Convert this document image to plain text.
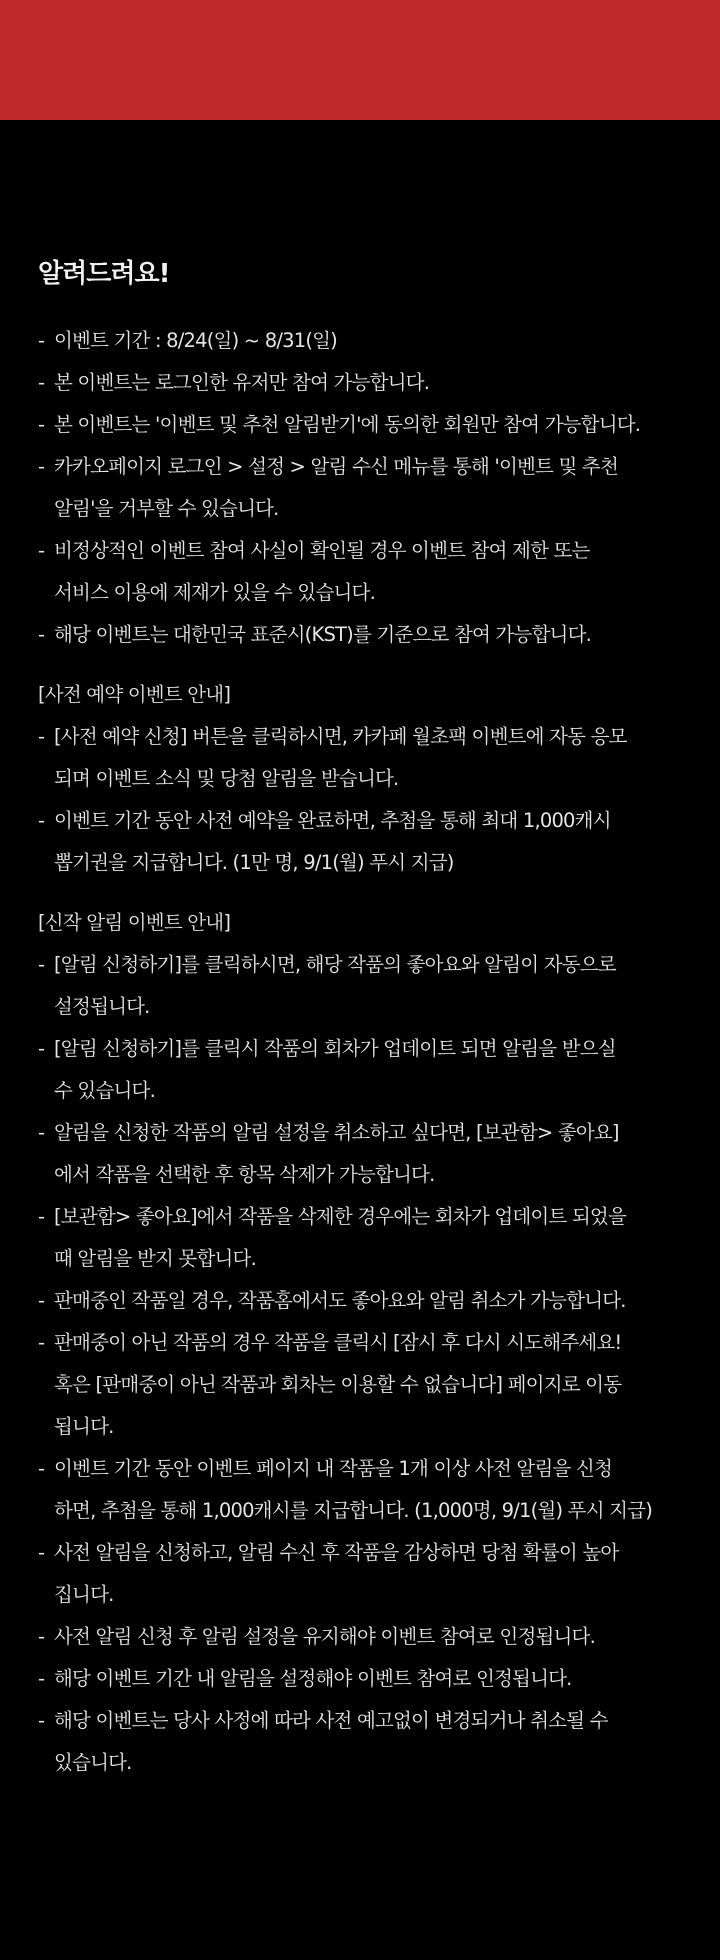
알려드려요!
- 이벤트 기간 : 8/24(일) ~ 8/31(일)
- 본 이벤트는 로그인한 유저만 참여 가능합니다.
- 본 이벤트는 '이벤트 및 추천 알림받기'에 동의한 회원만 참여 가능합니다.
- 카카오페이지 로그인 > 설정 > 알림 수신 메뉴를 통해 '이벤트 및 추천
알림'을 거부할 수 있습니다.
- 비정상적인 이벤트 참여 사실이 확인될 경우 이벤트 참여 제한 또는
서비스 이용에 제재가 있을 수 있습니다.
- 해당 이벤트는 대한민국 표준시(KST)를 기준으로 참여 가능합니다.
[사전 예약 이벤트 안내]
- [사전 예약 신청] 버튼을 클릭하시면, 카카페 월초팩 이벤트에 자동 응모
되며 이벤트 소식 및 당첨 알림을 받습니다.
- 이벤트 기간 동안 사전 예약을 완료하면, 추첨을 통해 최대 1,000캐시
뽑기권을 지급합니다. (1만 명, 9/1(월) 푸시 지급)
[신작 알림 이벤트 안내]
- [알림 신청하기]를 클릭하시면, 해당 작품의 좋아요와 알림이 자동으로
설정됩니다.
- [알림 신청하기]를 클릭시 작품의 회차가 업데이트 되면 알림을 받으실
수 있습니다.
- 알림을 신청한 작품의 알림 설정을 취소하고 싶다면, [보관함> 좋아요]
에서 작품을 선택한 후 항목 삭제가 가능합니다.
- [보관함> 좋아요]에서 작품을 삭제한 경우에는 회차가 업데이트 되었을
때 알림을 받지 못합니다.
- 판매중인 작품일 경우, 작품홈에서도 좋아요와 알림 취소가 가능합니다.
- 판매중이 아닌 작품의 경우 작품을 클릭시 [잠시 후 다시 시도해주세요!
혹은 [판매중이 아닌 작품과 회차는 이용할 수 없습니다] 페이지로 이동
됩니다.
- 이벤트 기간 동안 이벤트 페이지 내 작품을 1개 이상 사전 알림을 신청
하면, 추첨을 통해 1,000캐시를 지급합니다. (1,000명, 9/1(월) 푸시 지급)
- 사전 알림을 신청하고, 알림 수신 후 작품을 감상하면 당첨 확률이 높아
집니다.
- 사전 알림 신청 후 알림 설정을 유지해야 이벤트 참여로 인정됩니다.
- 해당 이벤트 기간 내 알림을 설정해야 이벤트 참여로 인정됩니다.
- 해당 이벤트는 당사 사정에 따라 사전 예고없이 변경되거나 취소될 수
있습니다.
